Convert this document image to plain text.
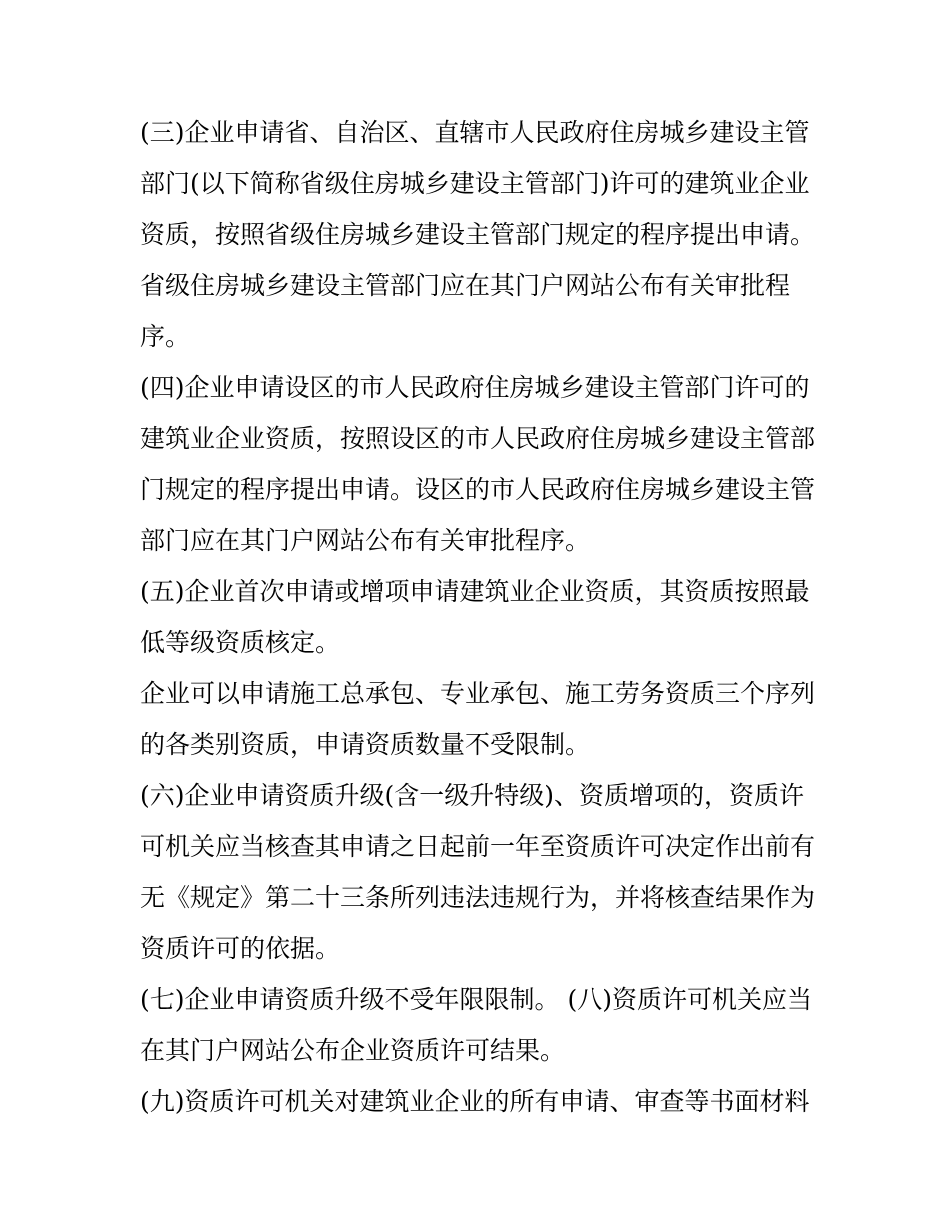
(三)企业申请省、自治区、直辖市人民政府住房城乡建设主管部门(以下简称省级住房城乡建设主管部门)许可的建筑业企业资质，按照省级住房城乡建设主管部门规定的程序提出申请。省级住房城乡建设主管部门应在其门户网站公布有关审批程序。

(四)企业申请设区的市人民政府住房城乡建设主管部门许可的建筑业企业资质，按照设区的市人民政府住房城乡建设主管部门规定的程序提出申请。设区的市人民政府住房城乡建设主管部门应在其门户网站公布有关审批程序。

(五)企业首次申请或增项申请建筑业企业资质，其资质按照最低等级资质核定。

企业可以申请施工总承包、专业承包、施工劳务资质三个序列的各类别资质，申请资质数量不受限制。

(六)企业申请资质升级(含一级升特级)、资质增项的，资质许可机关应当核查其申请之日起前一年至资质许可决定作出前有无《规定》第二十三条所列违法违规行为，并将核查结果作为资质许可的依据。

(七)企业申请资质升级不受年限限制。 (八)资质许可机关应当在其门户网站公布企业资质许可结果。

(九)资质许可机关对建筑业企业的所有申请、审查等书面材料
